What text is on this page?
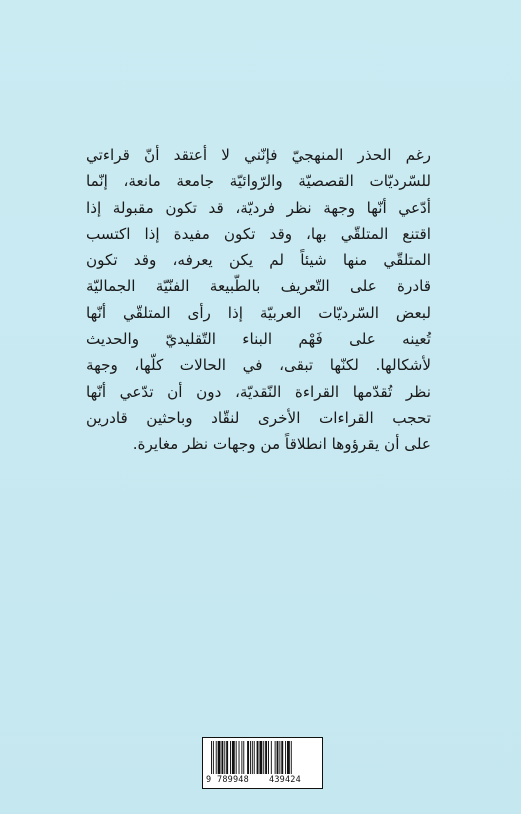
رغم الحذر المنهجيّ فإنّني لا أعتقد أنّ قراءتي
للسّرديّات القصصيّة والرّوائيّة جامعة مانعة، إنّما
أدّعي أنّها وجهة نظر فرديّة، قد تكون مقبولة إذا
اقتنع المتلقّي بها، وقد تكون مفيدة إذا اكتسب
المتلقّي منها شيئاً لم يكن يعرفه، وقد تكون
قادرة على التّعريف بالطّبيعة الفنّيّة الجماليّة
لبعض السّرديّات العربيّة إذا رأى المتلقّي أنّها
تُعينه على فَهْم البناء التّقليديّ والحديث
لأشكالها. لكنّها تبقى، في الحالات كلّها، وجهة
نظر تُقدّمها القراءة النّقديّة، دون أن تدّعي أنّها
تحجب القراءات الأخرى لنقّاد وباحثين قادرين
على أن يقرؤوها انطلاقاً من وجهات نظر مغايرة.
9 789948 439424
